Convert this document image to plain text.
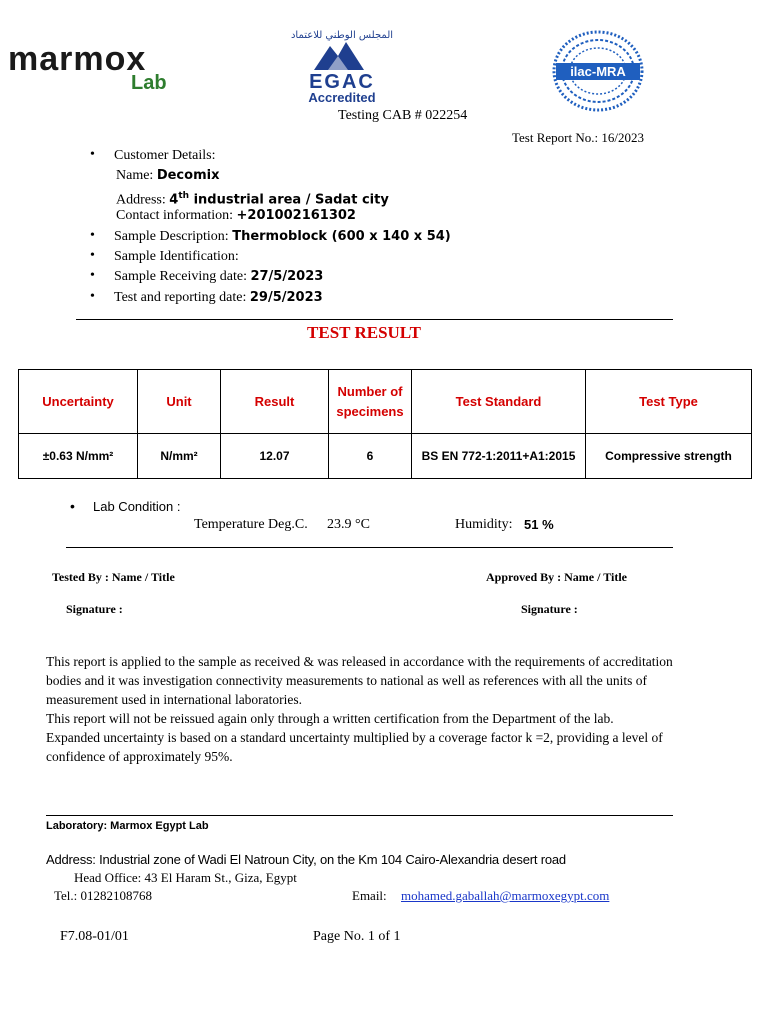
marmox
Lab
المجلس الوطني للاعتماد
EGAC
Accredited
ilac-MRA
Testing CAB # 022254
Test Report No.: 16/2023
• Customer Details:
Name: Decomix
Address: 4th industrial area / Sadat city
Contact information: +201002161302
• Sample Description: Thermoblock (600 x 140 x 54)
• Sample Identification:
• Sample Receiving date: 27/5/2023
• Test and reporting date: 29/5/2023
TEST RESULT
Uncertainty	Unit	Result	Number of specimens	Test Standard	Test Type
±0.63 N/mm²	N/mm²	12.07	6	BS EN 772-1:2011+A1:2015	Compressive strength
• Lab Condition :
Temperature Deg.C. 23.9 °C	Humidity: 51 %
Tested By : Name / Title	Approved By : Name / Title
Signature :	Signature :

This report is applied to the sample as received & was released in accordance with the requirements of accreditation bodies and it was investigation connectivity measurements to national as well as references with all the units of measurement used in international laboratories.

This report will not be reissued again only through a written certification from the Department of the lab.

Expanded uncertainty is based on a standard uncertainty multiplied by a coverage factor k =2, providing a level of confidence of approximately 95%.

Laboratory: Marmox Egypt Lab
Address: Industrial zone of Wadi El Natroun City, on the Km 104 Cairo-Alexandria desert road
Head Office: 43 El Haram St., Giza, Egypt
Tel.: 01282108768	Email: mohamed.gaballah@marmoxegypt.com
F7.08-01/01	Page No. 1 of 1
